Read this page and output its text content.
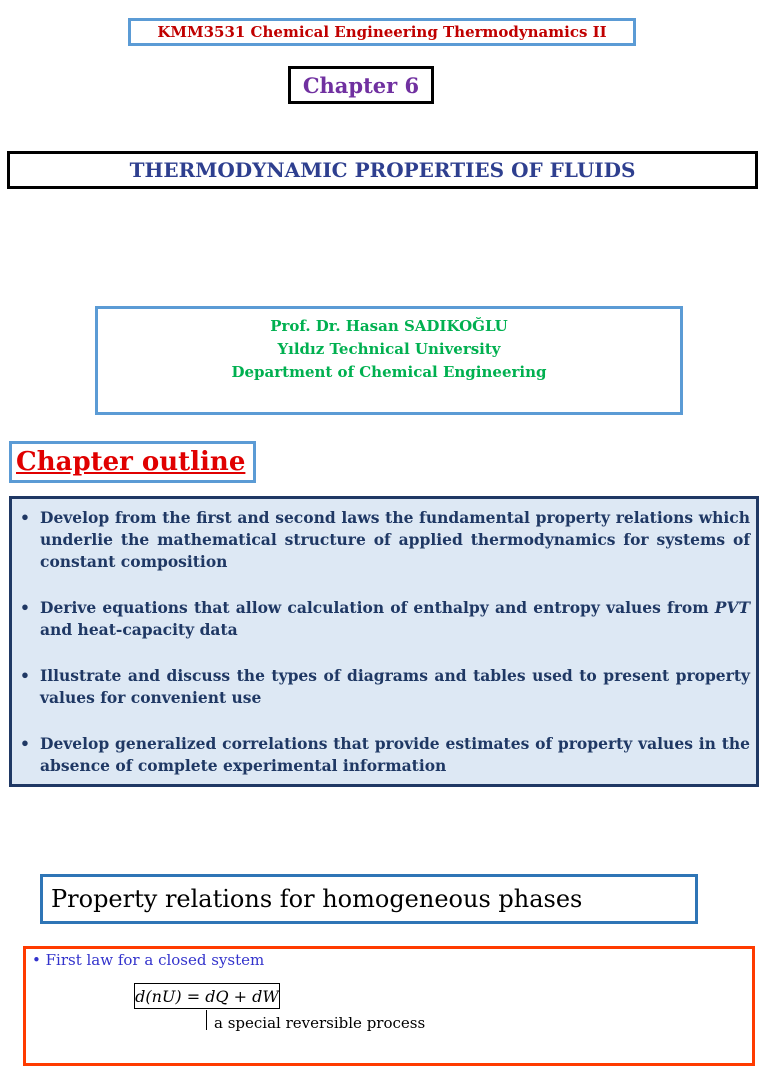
KMM3531 Chemical Engineering Thermodynamics II
Chapter 6
THERMODYNAMIC PROPERTIES OF FLUIDS
Prof. Dr. Hasan SADIKOĞLU
Yıldız Technical University
Department of Chemical Engineering
Chapter outline
• Develop from the first and second laws the fundamental property relations which underlie the mathematical structure of applied thermodynamics for systems of constant composition
• Derive equations that allow calculation of enthalpy and entropy values from PVT and heat-capacity data
• Illustrate and discuss the types of diagrams and tables used to present property values for convenient use
• Develop generalized correlations that provide estimates of property values in the absence of complete experimental information
Property relations for homogeneous phases
• First law for a closed system
d(nU) = dQ + dW
a special reversible process
